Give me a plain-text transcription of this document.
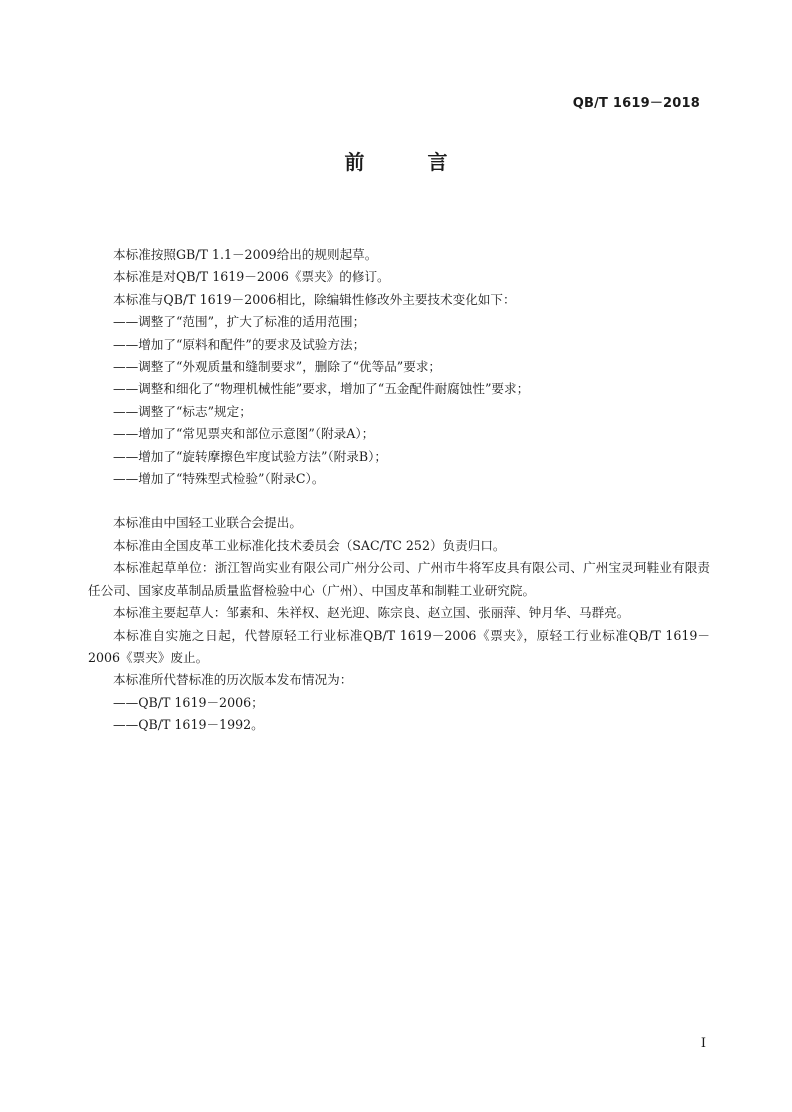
QB/T 1619－2018
前 言

本标准按照GB/T 1.1－2009给出的规则起草。

本标准是对QB/T 1619－2006《票夹》的修订。

本标准与QB/T 1619－2006相比，除编辑性修改外主要技术变化如下：

——调整了“范围”，扩大了标准的适用范围；

——增加了“原料和配件”的要求及试验方法；

——调整了“外观质量和缝制要求”，删除了“优等品”要求；

——调整和细化了“物理机械性能”要求，增加了“五金配件耐腐蚀性”要求；

——调整了“标志”规定；

——增加了“常见票夹和部位示意图”（附录A）；

——增加了“旋转摩擦色牢度试验方法”（附录B）；

——增加了“特殊型式检验”（附录C）。

本标准由中国轻工业联合会提出。

本标准由全国皮革工业标准化技术委员会（SAC/TC 252）负责归口。

本标准起草单位：浙江智尚实业有限公司广州分公司、广州市牛将军皮具有限公司、广州宝灵珂鞋业有限责任公司、国家皮革制品质量监督检验中心（广州）、中国皮革和制鞋工业研究院。

本标准主要起草人：邹素和、朱祥权、赵光迎、陈宗良、赵立国、张丽萍、钟月华、马群亮。

本标准自实施之日起，代替原轻工行业标准QB/T 1619－2006《票夹》，原轻工行业标准QB/T 1619－2006《票夹》废止。

本标准所代替标准的历次版本发布情况为：

——QB/T 1619－2006；

——QB/T 1619－1992。

I
